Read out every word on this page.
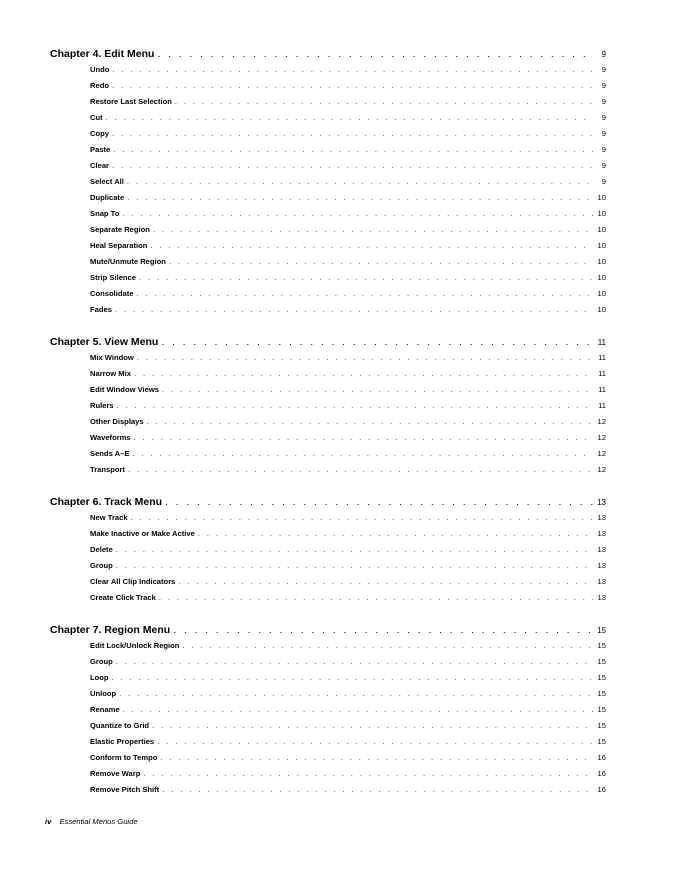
Chapter 4. Edit Menu . . .	9
Undo . . .	9
Redo . . .	9
Restore Last Selection . . .	9
Cut . . .	9
Copy . . .	9
Paste . . .	9
Clear . . .	9
Select All . . .	9
Duplicate . . .	10
Snap To . . .	10
Separate Region . . .	10
Heal Separation . . .	10
Mute/Unmute Region . . .	10
Strip Silence . . .	10
Consolidate . . .	10
Fades . . .	10
Chapter 5. View Menu . . .	11
Mix Window . . .	11
Narrow Mix . . .	11
Edit Window Views . . .	11
Rulers . . .	11
Other Displays . . .	12
Waveforms . . .	12
Sends A–E . . .	12
Transport . . .	12
Chapter 6. Track Menu . . .	13
New Track . . .	13
Make Inactive or Make Active . . .	13
Delete . . .	13
Group . . .	13
Clear All Clip Indicators . . .	13
Create Click Track . . .	13
Chapter 7. Region Menu . . .	15
Edit Lock/Unlock Region . . .	15
Group . . .	15
Loop . . .	15
Unloop . . .	15
Rename . . .	15
Quantize to Grid . . .	15
Elastic Properties . . .	15
Conform to Tempo . . .	16
Remove Warp . . .	16
Remove Pitch Shift . . .	16
iv Essential Menus Guide
